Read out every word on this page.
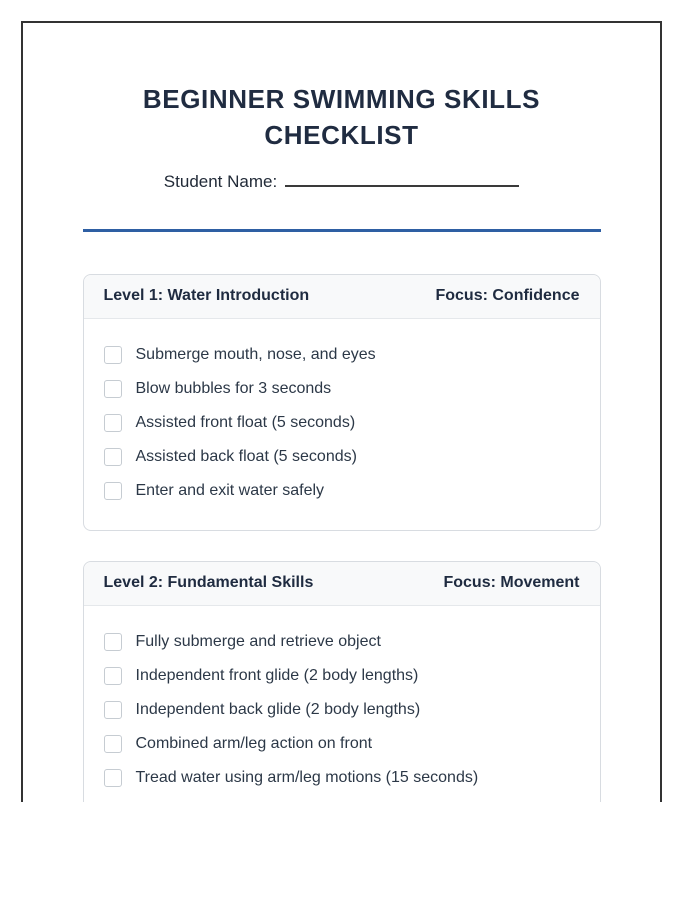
BEGINNER SWIMMING SKILLS
CHECKLIST
Student Name:
Level 1: Water Introduction	Focus: Confidence
Submerge mouth, nose, and eyes
Blow bubbles for 3 seconds
Assisted front float (5 seconds)
Assisted back float (5 seconds)
Enter and exit water safely
Level 2: Fundamental Skills	Focus: Movement
Fully submerge and retrieve object
Independent front glide (2 body lengths)
Independent back glide (2 body lengths)
Combined arm/leg action on front
Tread water using arm/leg motions (15 seconds)
